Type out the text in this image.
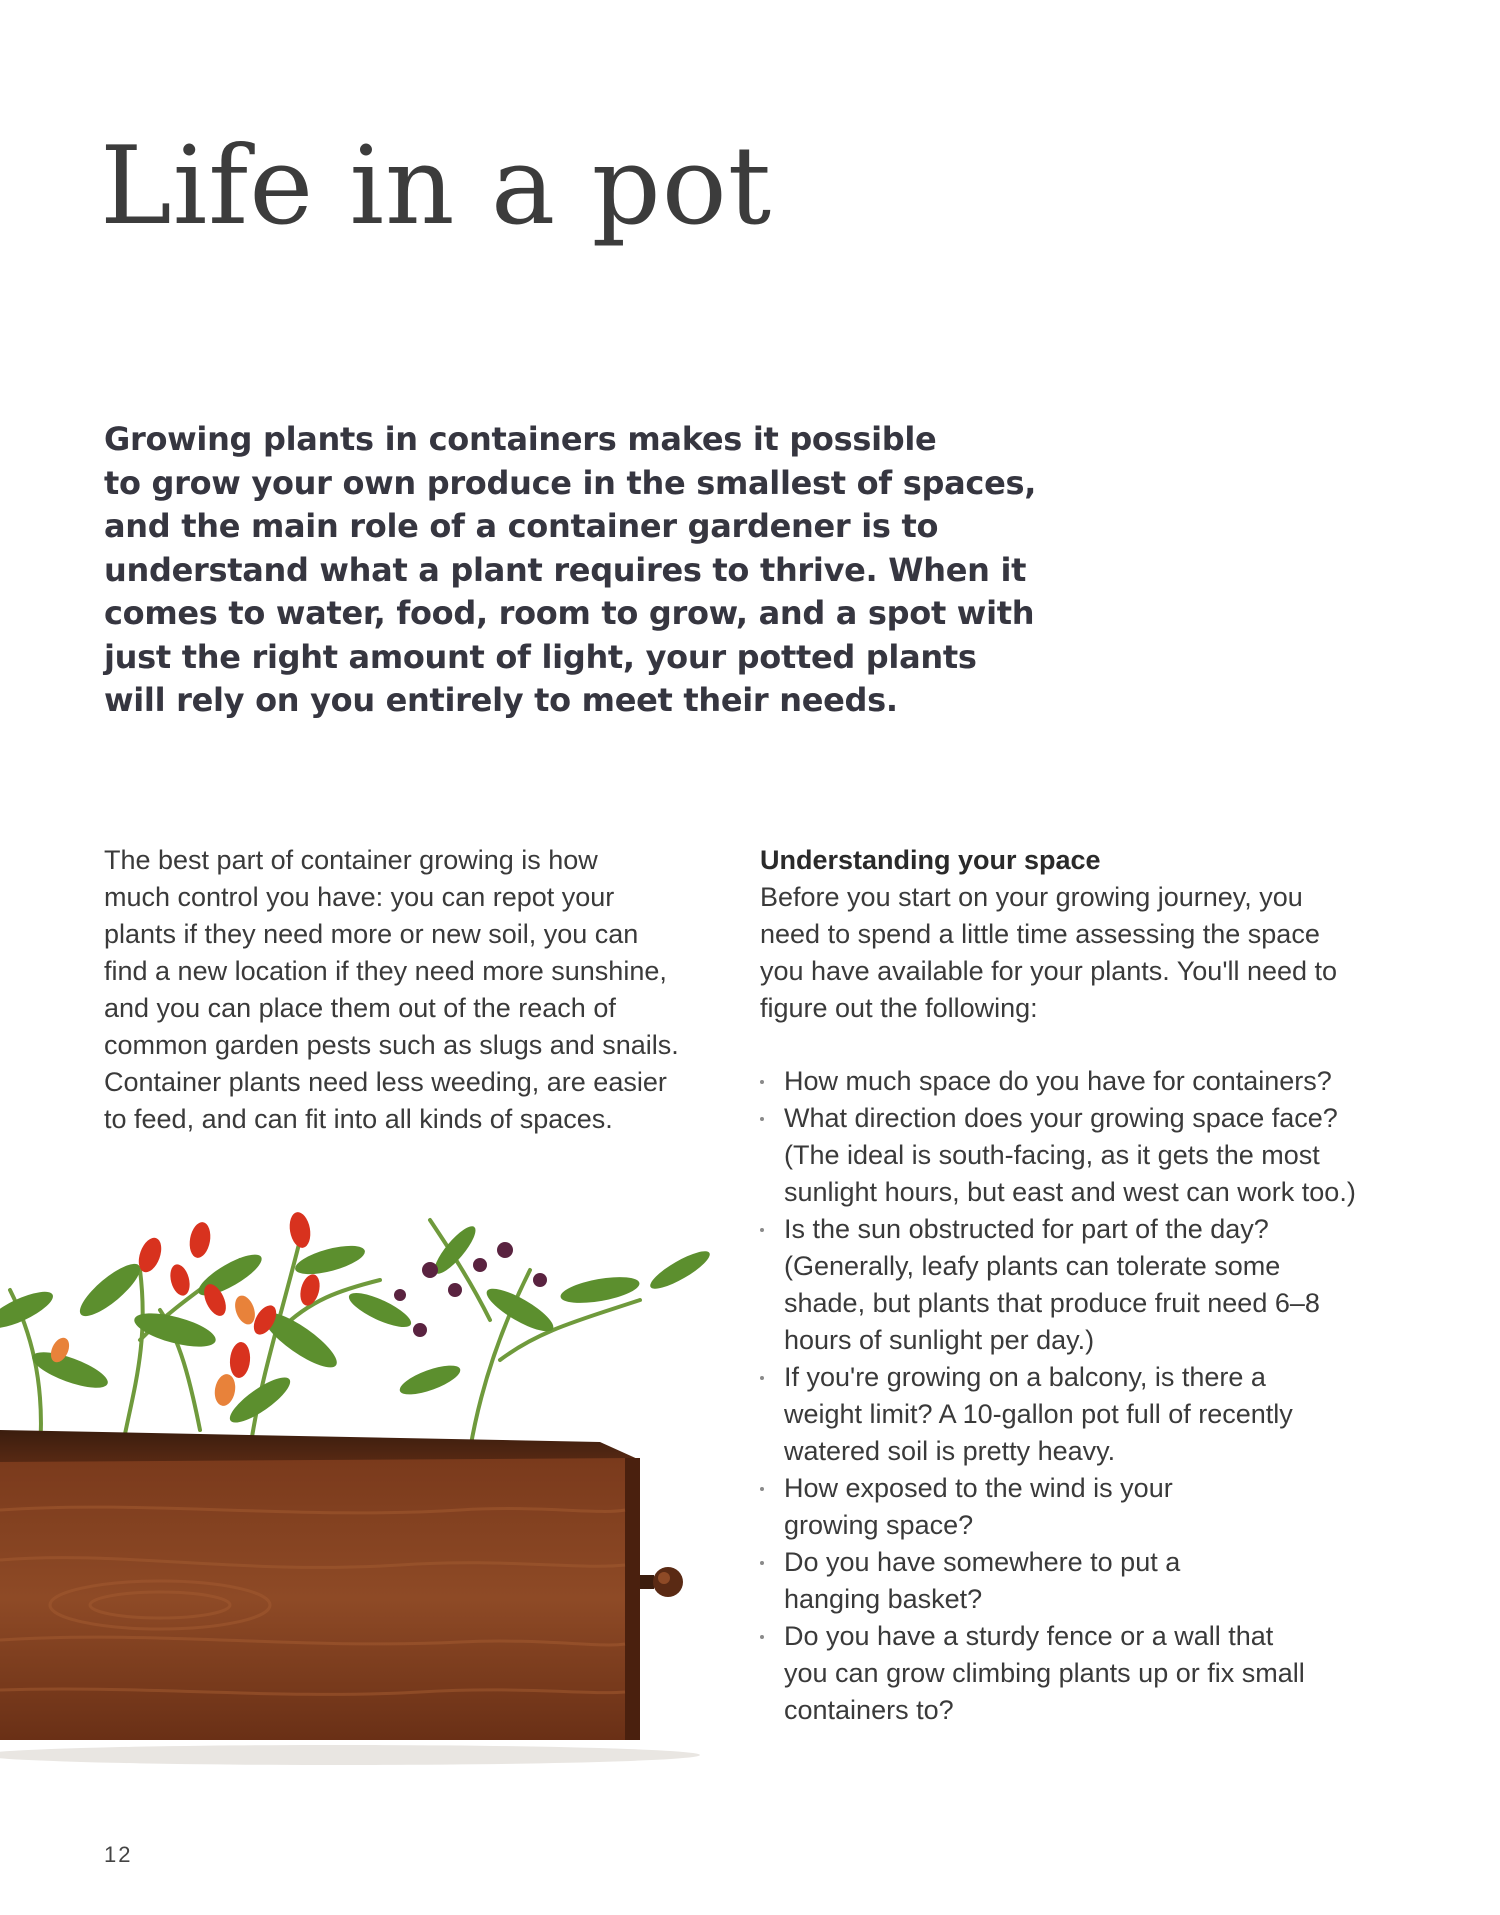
Life in a pot

Growing plants in containers makes it possible
to grow your own produce in the smallest of spaces,
and the main role of a container gardener is to
understand what a plant requires to thrive. When it
comes to water, food, room to grow, and a spot with
just the right amount of light, your potted plants
will rely on you entirely to meet their needs.

The best part of container growing is how
much control you have: you can repot your
plants if they need more or new soil, you can
find a new location if they need more sunshine,
and you can place them out of the reach of
common garden pests such as slugs and snails.
Container plants need less weeding, are easier
to feed, and can fit into all kinds of spaces.
Understanding your space
Before you start on your growing journey, you
need to spend a little time assessing the space
you have available for your plants. You'll need to
figure out the following:
How much space do you have for containers?
What direction does your growing space face?
(The ideal is south-facing, as it gets the most
sunlight hours, but east and west can work too.)
Is the sun obstructed for part of the day?
(Generally, leafy plants can tolerate some
shade, but plants that produce fruit need 6–8
hours of sunlight per day.)
If you're growing on a balcony, is there a
weight limit? A 10-gallon pot full of recently
watered soil is pretty heavy.
How exposed to the wind is your
growing space?
Do you have somewhere to put a
hanging basket?
Do you have a sturdy fence or a wall that
you can grow climbing plants up or fix small
containers to?
12
